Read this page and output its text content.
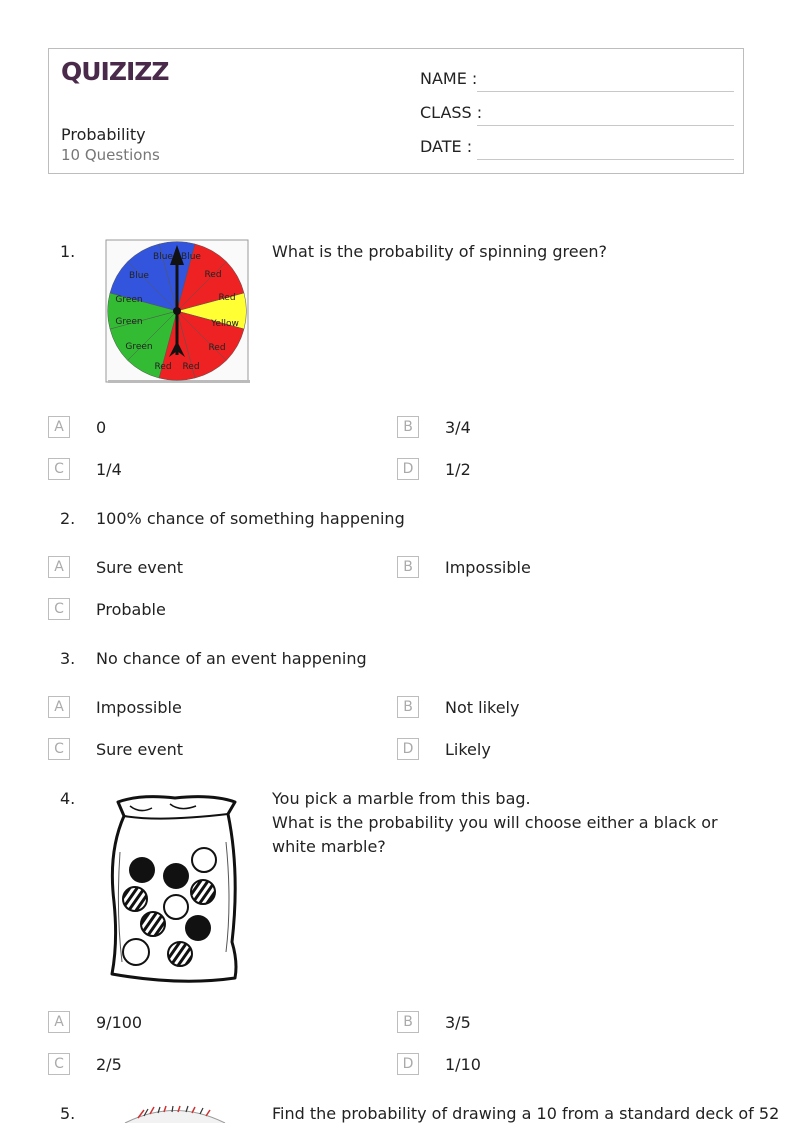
QUIZIZZ
Probability
10 Questions
NAME :
CLASS :
DATE :
1.	Blue Blue
Red
Red
Yellow
Red
Red
Red
Green
Green
Green
Blue
What is the probability of spinning green?
A	0	B	3/4
C	1/4	D	1/2
2. 100% chance of something happening
A	Sure event	B	Impossible
C	Probable
3. No chance of an event happening
A	Impossible	B	Not likely
C	Sure event	D	Likely
4.	You pick a marble from this bag.
What is the probability you will choose either a black or white marble?
A	9/100	B	3/5
C	2/5	D	1/10
5.	Find the probability of drawing a 10 from a standard deck of 52
